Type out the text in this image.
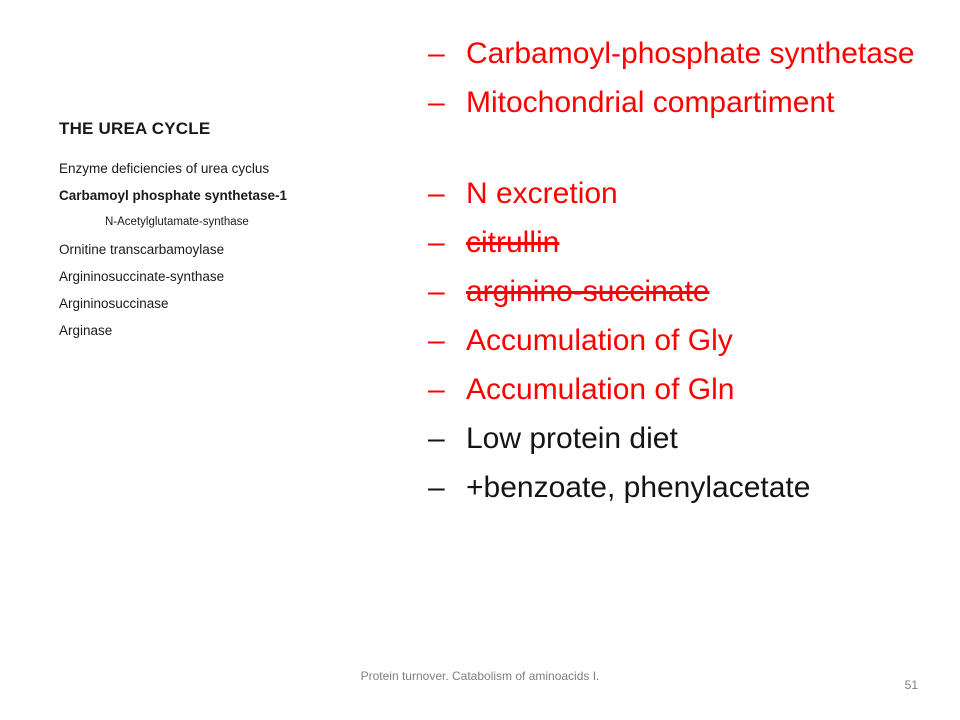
THE UREA CYCLE
Enzyme deficiencies of urea cyclus
Carbamoyl phosphate synthetase-1
N-Acetylglutamate-synthase
Ornitine transcarbamoylase
Argininosuccinate-synthase
Argininosuccinase
Arginase
– Carbamoyl-phosphate synthetase
– Mitochondrial compartiment
– N excretion
– citrullin
– arginino-succinate
– Accumulation of Gly
– Accumulation of Gln
– Low protein diet
– +benzoate, phenylacetate
Protein turnover. Catabolism of aminoacids I.
51
